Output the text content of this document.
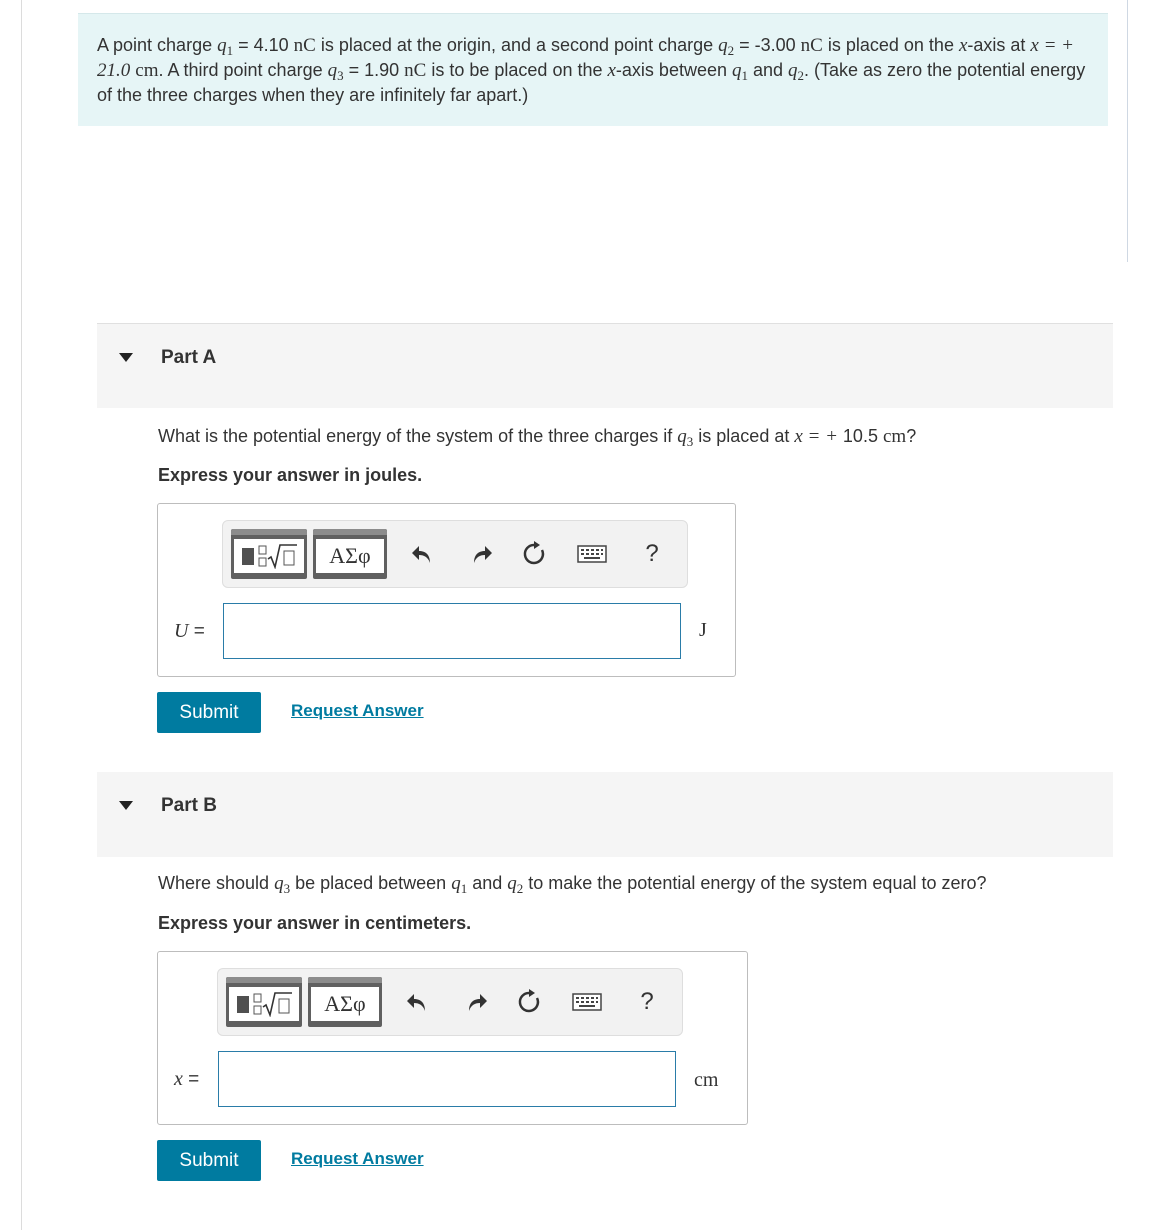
A point charge $q_1 = 4.10$ nC is placed at the origin, and a second point charge $q_2 = -3.00$ nC is placed on the x-axis at x = + 21.0 cm. A third point charge $q_3 = 1.90$ nC is to be placed on the x-axis between $q_1$ and $q_2$. (Take as zero the potential energy of the three charges when they are infinitely far apart.)
Part A
What is the potential energy of the system of the three charges if $q_3$ is placed at x = + 10.5 cm?
Express your answer in joules.
ΑΣφ	?
U =	J
Submit	Request Answer
Part B
Where should $q_3$ be placed between $q_1$ and $q_2$ to make the potential energy of the system equal to zero?
Express your answer in centimeters.
ΑΣφ	?
x =	cm
Submit	Request Answer
